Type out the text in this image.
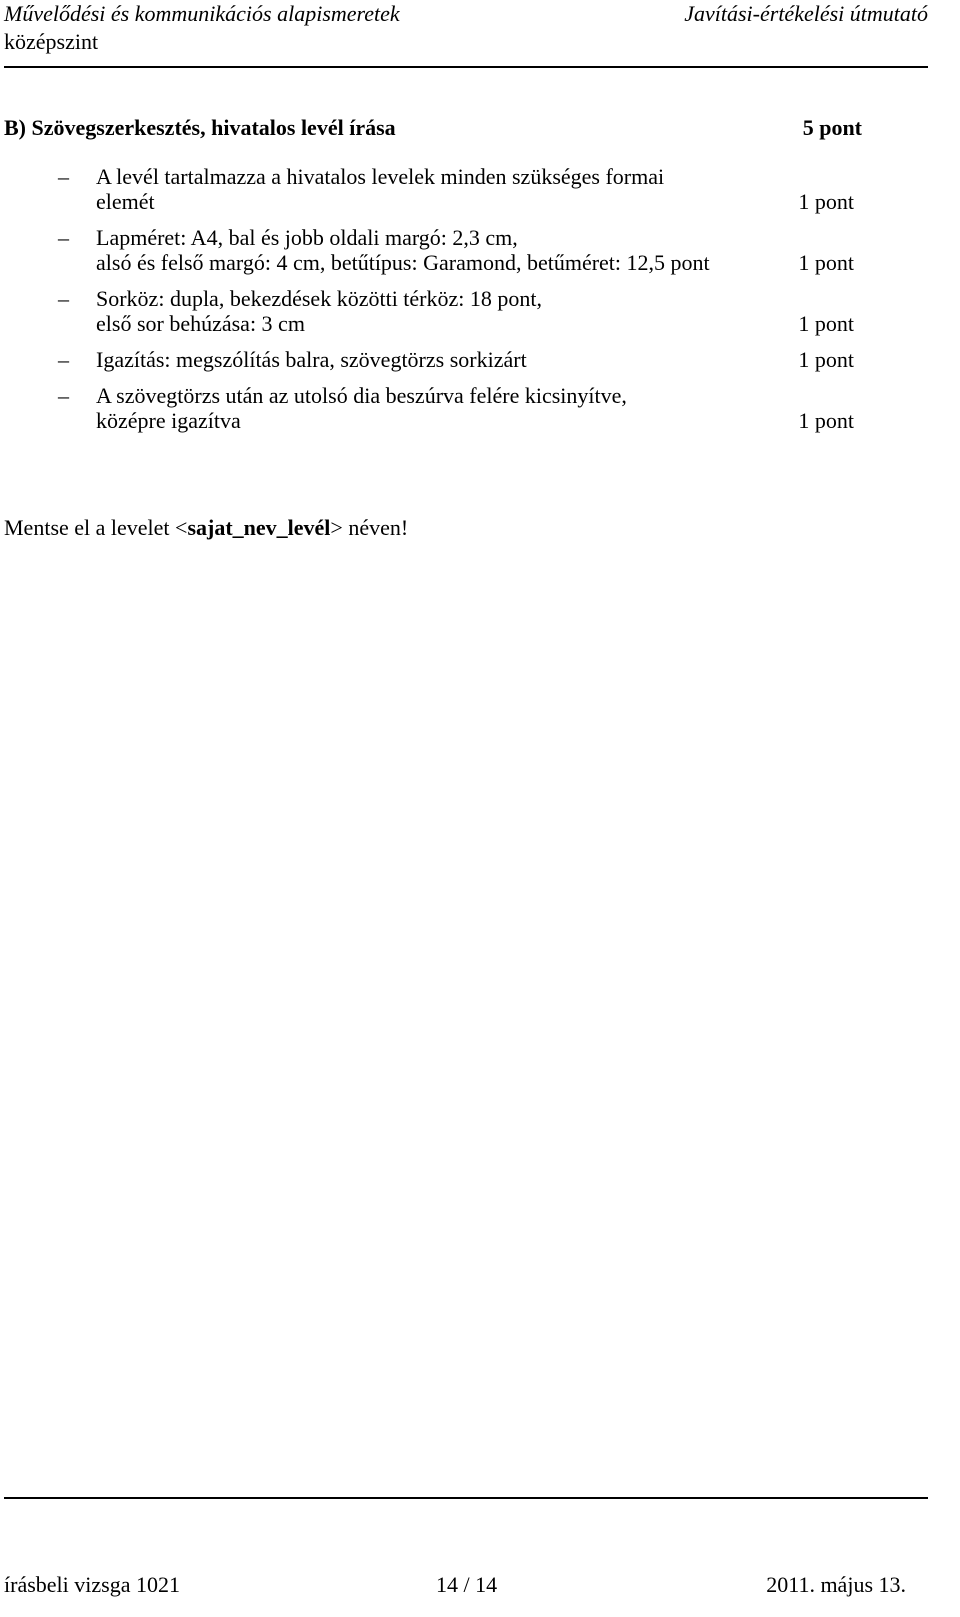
Művelődési és kommunikációs alapismeretek
középszint
Javítási-értékelési útmutató
B) Szövegszerkesztés, hivatalos levél írása	5 pont
– A levél tartalmazza a hivatalos levelek minden szükséges formai
elemét	1 pont
– Lapméret: A4, bal és jobb oldali margó: 2,3 cm,
alsó és felső margó: 4 cm, betűtípus: Garamond, betűméret: 12,5 pont	1 pont
– Sorköz: dupla, bekezdések közötti térköz: 18 pont,
első sor behúzása: 3 cm	1 pont
– Igazítás: megszólítás balra, szövegtörzs sorkizárt	1 pont
– A szövegtörzs után az utolsó dia beszúrva felére kicsinyítve,
középre igazítva	1 pont
Mentse el a levelet <sajat_nev_levél> néven!
írásbeli vizsga 1021	14 / 14	2011. május 13.
